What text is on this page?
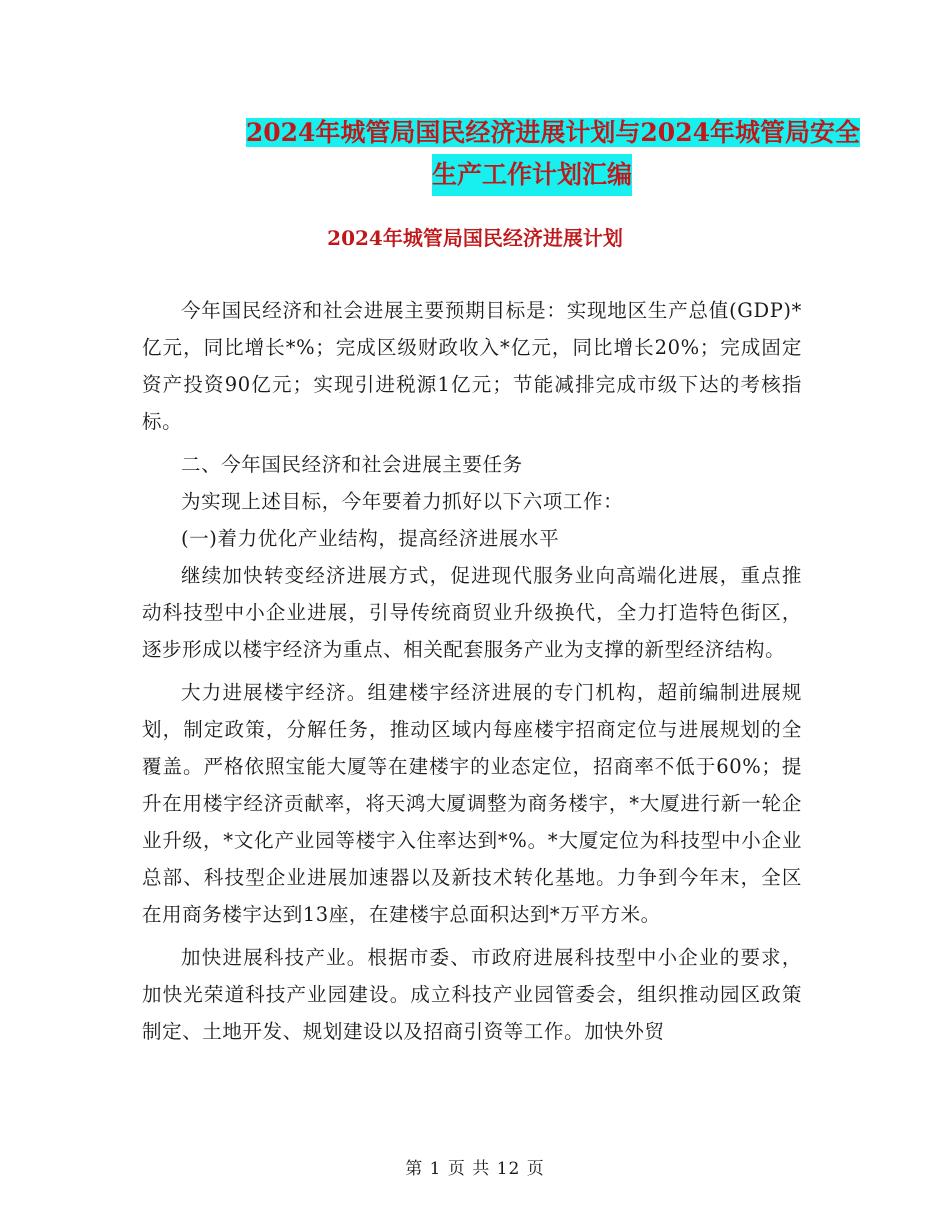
2024年城管局国民经济进展计划与2024年城管局安全
生产工作计划汇编
2024年城管局国民经济进展计划

今年国民经济和社会进展主要预期目标是：实现地区生产总值(GDP)*亿元，同比增长*%；完成区级财政收入*亿元，同比增长20%；完成固定资产投资90亿元；实现引进税源1亿元；节能减排完成市级下达的考核指标。

二、今年国民经济和社会进展主要任务

为实现上述目标，今年要着力抓好以下六项工作：

(一)着力优化产业结构，提高经济进展水平

继续加快转变经济进展方式，促进现代服务业向高端化进展，重点推动科技型中小企业进展，引导传统商贸业升级换代，全力打造特色街区，逐步形成以楼宇经济为重点、相关配套服务产业为支撑的新型经济结构。

大力进展楼宇经济。组建楼宇经济进展的专门机构，超前编制进展规划，制定政策，分解任务，推动区域内每座楼宇招商定位与进展规划的全覆盖。严格依照宝能大厦等在建楼宇的业态定位，招商率不低于60%；提升在用楼宇经济贡献率，将天鸿大厦调整为商务楼宇，*大厦进行新一轮企业升级，*文化产业园等楼宇入住率达到*%。*大厦定位为科技型中小企业总部、科技型企业进展加速器以及新技术转化基地。力争到今年末，全区在用商务楼宇达到13座，在建楼宇总面积达到*万平方米。

加快进展科技产业。根据市委、市政府进展科技型中小企业的要求，加快光荣道科技产业园建设。成立科技产业园管委会，组织推动园区政策制定、土地开发、规划建设以及招商引资等工作。加快外贸

第 1 页 共 12 页
